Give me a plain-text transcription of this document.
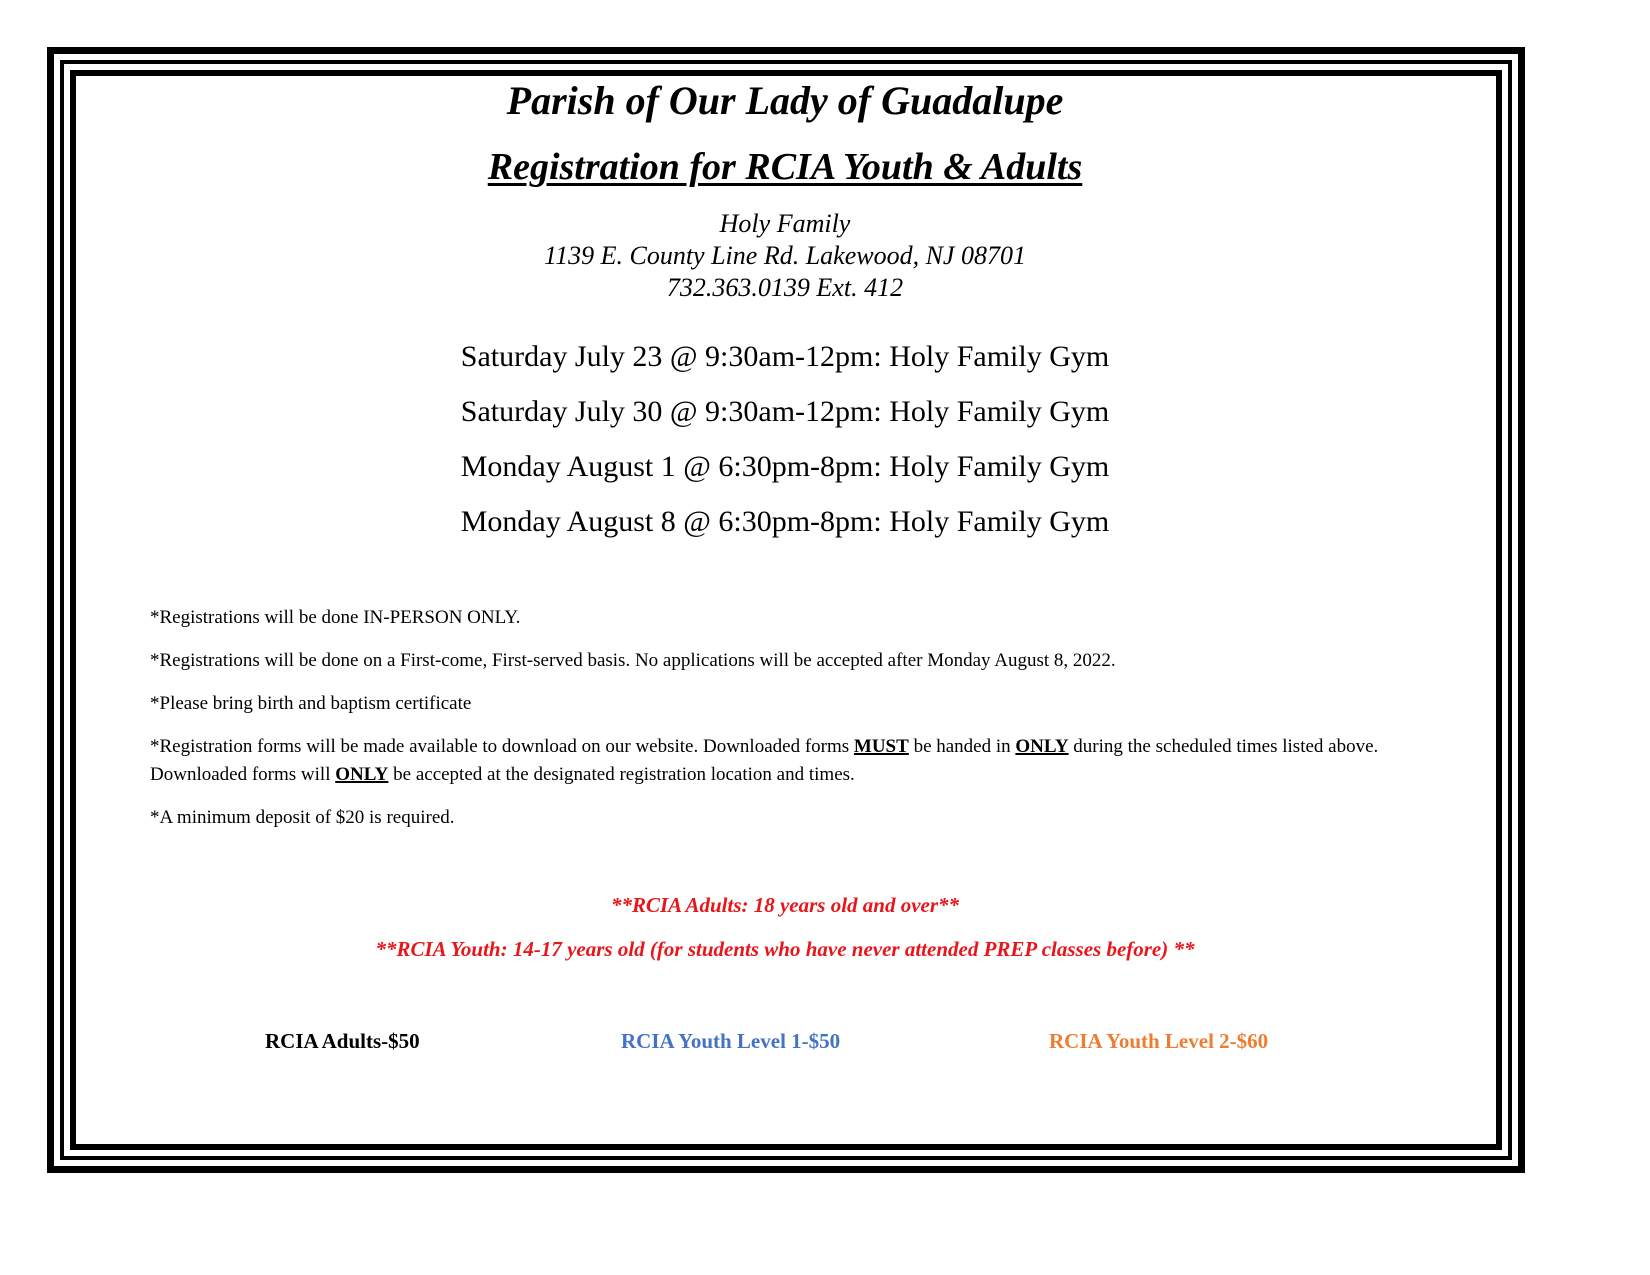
Parish of Our Lady of Guadalupe
Registration for RCIA Youth & Adults
Holy Family
1139 E. County Line Rd. Lakewood, NJ 08701
732.363.0139 Ext. 412
Saturday July 23 @ 9:30am-12pm: Holy Family Gym
Saturday July 30 @ 9:30am-12pm: Holy Family Gym
Monday August 1 @ 6:30pm-8pm: Holy Family Gym
Monday August 8 @ 6:30pm-8pm: Holy Family Gym

*Registrations will be done IN-PERSON ONLY.

*Registrations will be done on a First-come, First-served basis. No applications will be accepted after Monday August 8, 2022.

*Please bring birth and baptism certificate

*Registration forms will be made available to download on our website. Downloaded forms MUST be handed in ONLY during the scheduled times listed above. Downloaded forms will ONLY be accepted at the designated registration location and times.

*A minimum deposit of $20 is required.

**RCIA Adults: 18 years old and over**
**RCIA Youth: 14-17 years old (for students who have never attended PREP classes before) **
RCIA Adults-$50	RCIA Youth Level 1-$50	RCIA Youth Level 2-$60
